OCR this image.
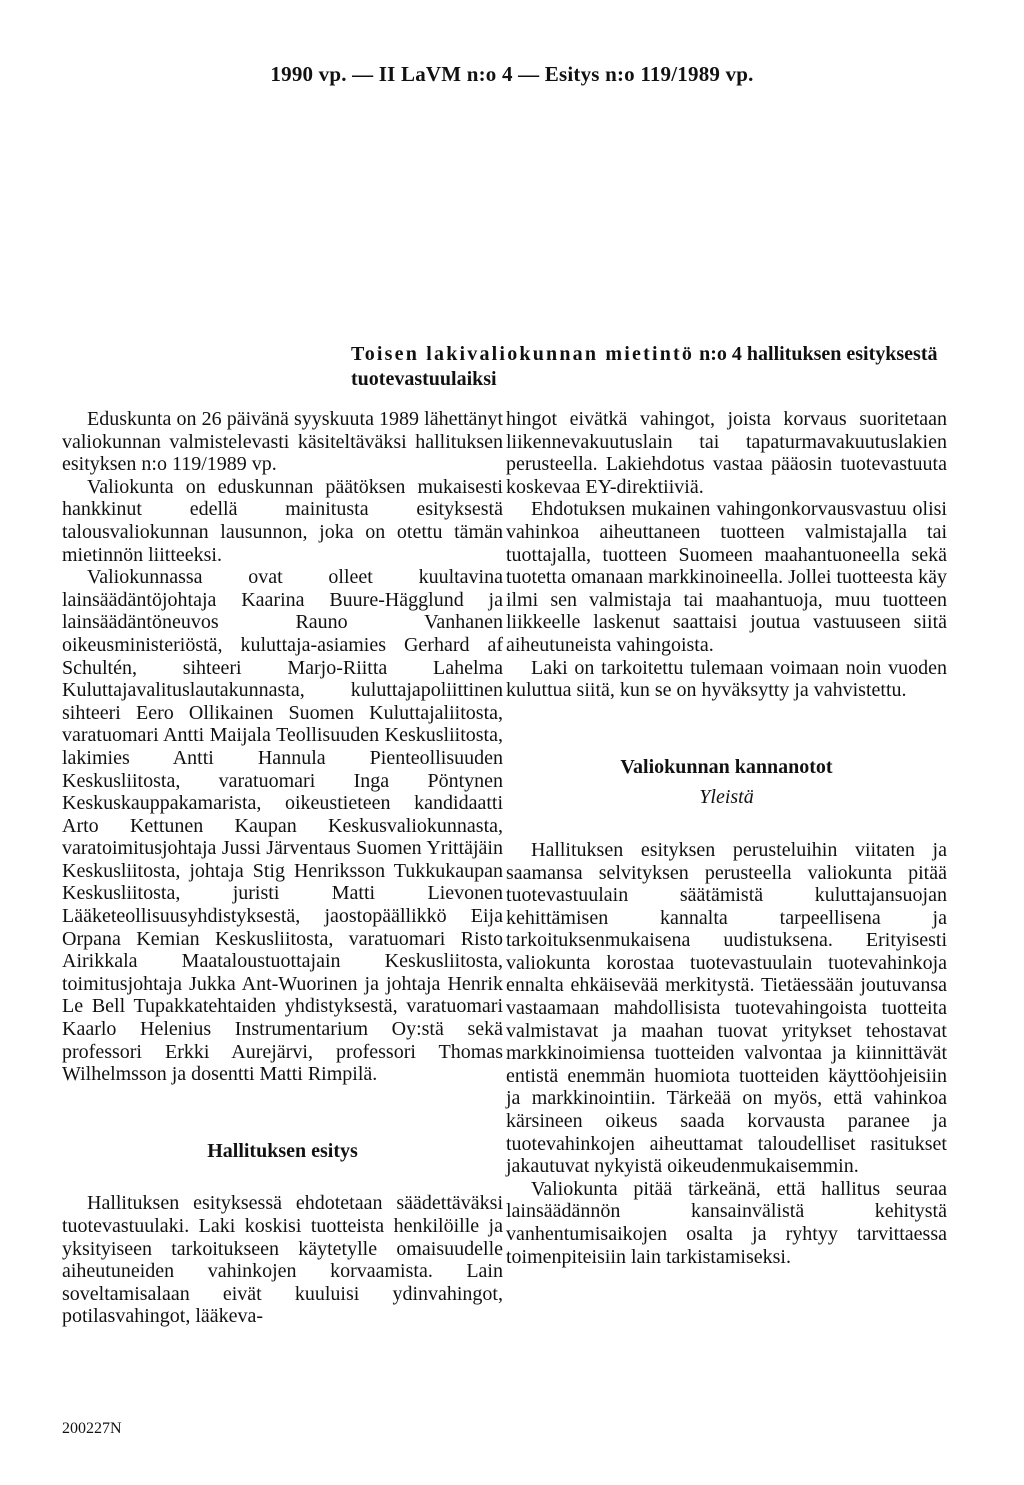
1990 vp. — II LaVM n:o 4 — Esitys n:o 119/1989 vp.
Toisen lakivaliokunnan mietintö n:o 4 hallituksen esityksestä tuotevastuulaiksi

Eduskunta on 26 päivänä syyskuuta 1989 lähettänyt valiokunnan valmistelevasti käsiteltäväksi hallituksen esityksen n:o 119/1989 vp.

Valiokunta on eduskunnan päätöksen mukaisesti hankkinut edellä mainitusta esityksestä talousvaliokunnan lausunnon, joka on otettu tämän mietinnön liitteeksi.

Valiokunnassa ovat olleet kuultavina lainsäädäntöjohtaja Kaarina Buure-Hägglund ja lainsäädäntöneuvos Rauno Vanhanen oikeusministeriöstä, kuluttaja-asiamies Gerhard af Schultén, sihteeri Marjo-Riitta Lahelma Kuluttajavalituslautakunnasta, kuluttajapoliittinen sihteeri Eero Ollikainen Suomen Kuluttajaliitosta, varatuomari Antti Maijala Teollisuuden Keskusliitosta, lakimies Antti Hannula Pienteollisuuden Keskusliitosta, varatuomari Inga Pöntynen Keskuskauppakamarista, oikeustieteen kandidaatti Arto Kettunen Kaupan Keskusvaliokunnasta, varatoimitusjohtaja Jussi Järventaus Suomen Yrittäjäin Keskusliitosta, johtaja Stig Henriksson Tukkukaupan Keskusliitosta, juristi Matti Lievonen Lääketeollisuusyhdistyksestä, jaostopäällikkö Eija Orpana Kemian Keskusliitosta, varatuomari Risto Airikkala Maataloustuottajain Keskusliitosta, toimitusjohtaja Jukka Ant-Wuorinen ja johtaja Henrik Le Bell Tupakkatehtaiden yhdistyksestä, varatuomari Kaarlo Helenius Instrumentarium Oy:stä sekä professori Erkki Aurejärvi, professori Thomas Wilhelmsson ja dosentti Matti Rimpilä.

Hallituksen esitys

Hallituksen esityksessä ehdotetaan säädettäväksi tuotevastuulaki. Laki koskisi tuotteista henkilöille ja yksityiseen tarkoitukseen käytetylle omaisuudelle aiheutuneiden vahinkojen korvaamista. Lain soveltamisalaan eivät kuuluisi ydinvahingot, potilasvahingot, lääkeva-

hingot eivätkä vahingot, joista korvaus suoritetaan liikennevakuutuslain tai tapaturmavakuutuslakien perusteella. Lakiehdotus vastaa pääosin tuotevastuuta koskevaa EY-direktiiviä.

Ehdotuksen mukainen vahingonkorvausvastuu olisi vahinkoa aiheuttaneen tuotteen valmistajalla tai tuottajalla, tuotteen Suomeen maahantuoneella sekä tuotetta omanaan markkinoineella. Jollei tuotteesta käy ilmi sen valmistaja tai maahantuoja, muu tuotteen liikkeelle laskenut saattaisi joutua vastuuseen siitä aiheutuneista vahingoista.

Laki on tarkoitettu tulemaan voimaan noin vuoden kuluttua siitä, kun se on hyväksytty ja vahvistettu.

Valiokunnan kannanotot
Yleistä

Hallituksen esityksen perusteluihin viitaten ja saamansa selvityksen perusteella valiokunta pitää tuotevastuulain säätämistä kuluttajansuojan kehittämisen kannalta tarpeellisena ja tarkoituksenmukaisena uudistuksena. Erityisesti valiokunta korostaa tuotevastuulain tuotevahinkoja ennalta ehkäisevää merkitystä. Tietäessään joutuvansa vastaamaan mahdollisista tuotevahingoista tuotteita valmistavat ja maahan tuovat yritykset tehostavat markkinoimiensa tuotteiden valvontaa ja kiinnittävät entistä enemmän huomiota tuotteiden käyttöohjeisiin ja markkinointiin. Tärkeää on myös, että vahinkoa kärsineen oikeus saada korvausta paranee ja tuotevahinkojen aiheuttamat taloudelliset rasitukset jakautuvat nykyistä oikeudenmukaisemmin.

Valiokunta pitää tärkeänä, että hallitus seuraa lainsäädännön kansainvälistä kehitystä vanhentumisaikojen osalta ja ryhtyy tarvittaessa toimenpiteisiin lain tarkistamiseksi.

200227N
